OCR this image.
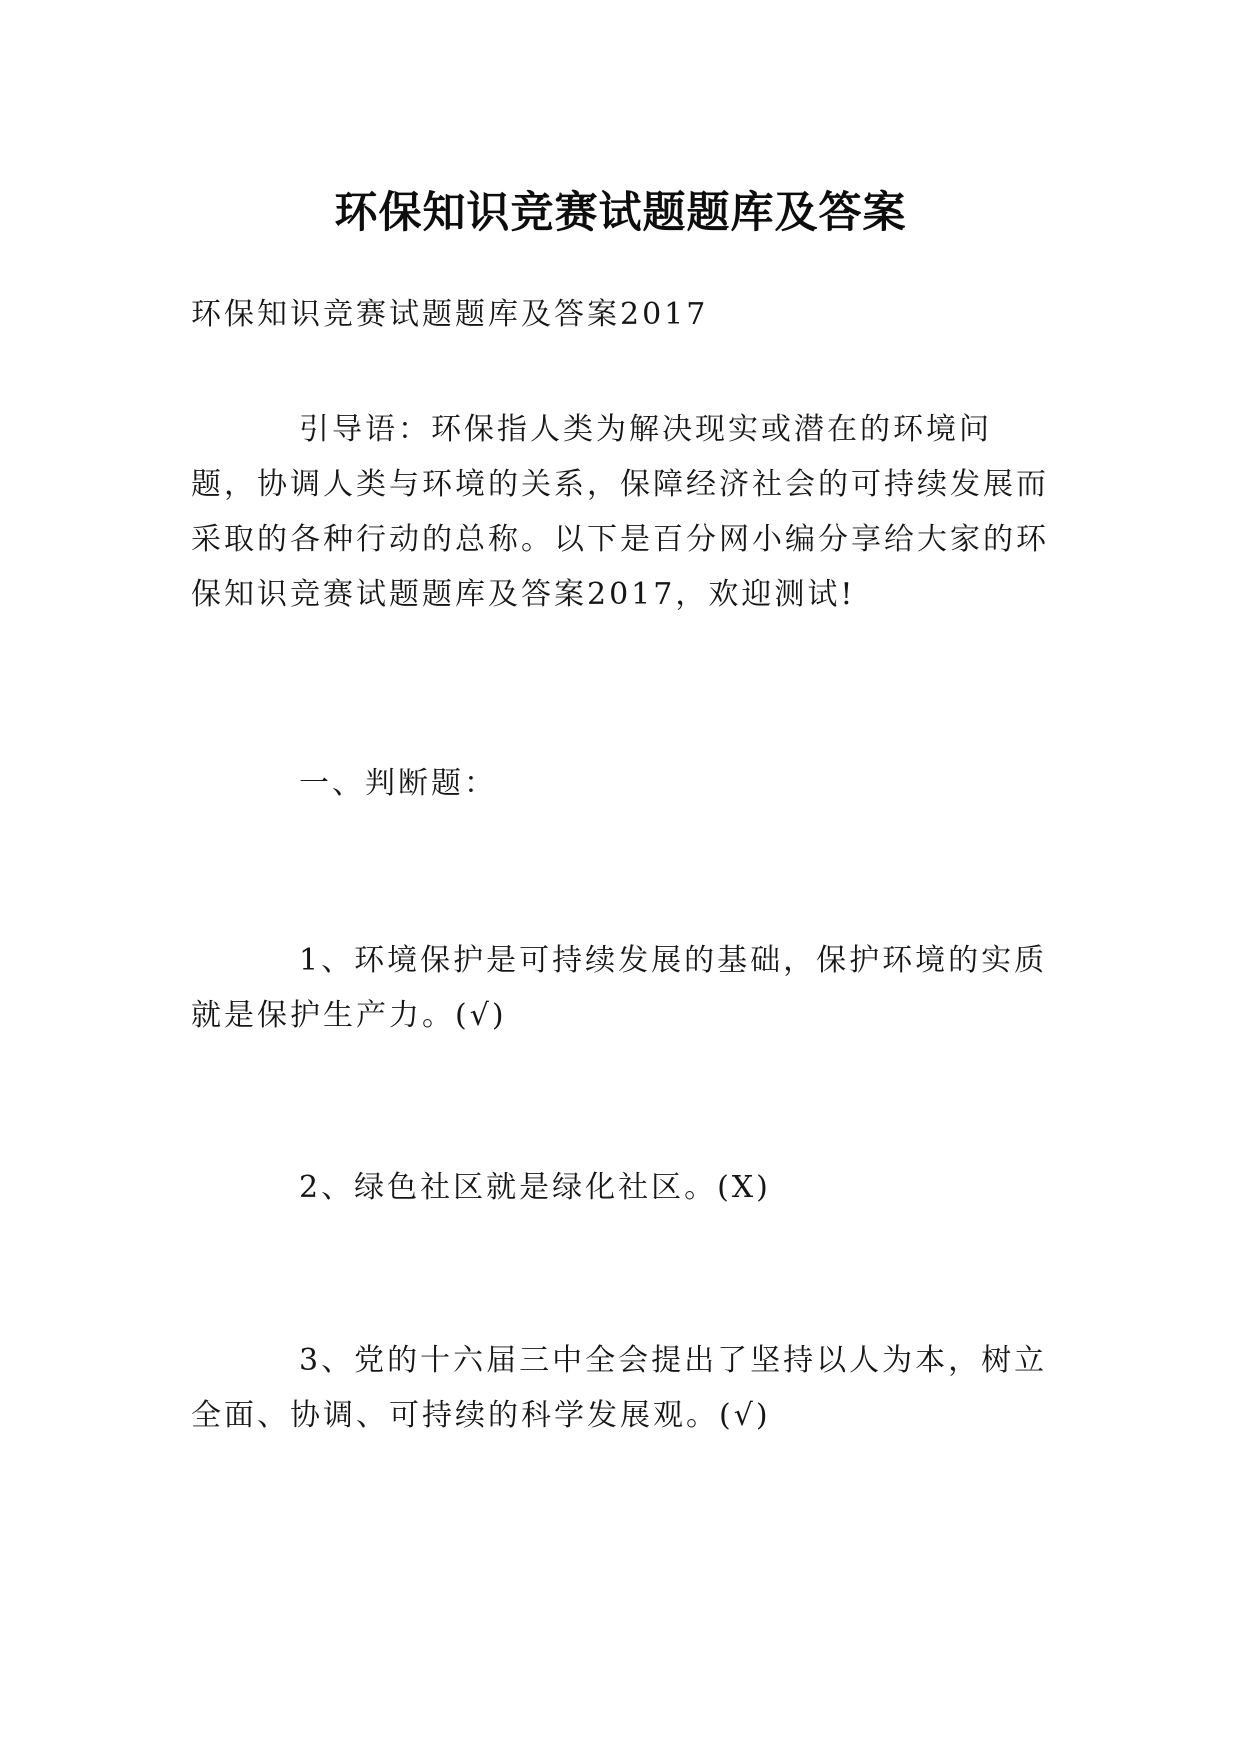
环保知识竞赛试题题库及答案

环保知识竞赛试题题库及答案2017

引导语：环保指人类为解决现实或潜在的环境问题，协调人类与环境的关系，保障经济社会的可持续发展而采取的各种行动的总称。以下是百分网小编分享给大家的环保知识竞赛试题题库及答案2017，欢迎测试!

一、判断题：

1、环境保护是可持续发展的基础，保护环境的实质就是保护生产力。(√)

2、绿色社区就是绿化社区。(X)

3、党的十六届三中全会提出了坚持以人为本，树立全面、协调、可持续的科学发展观。(√)
